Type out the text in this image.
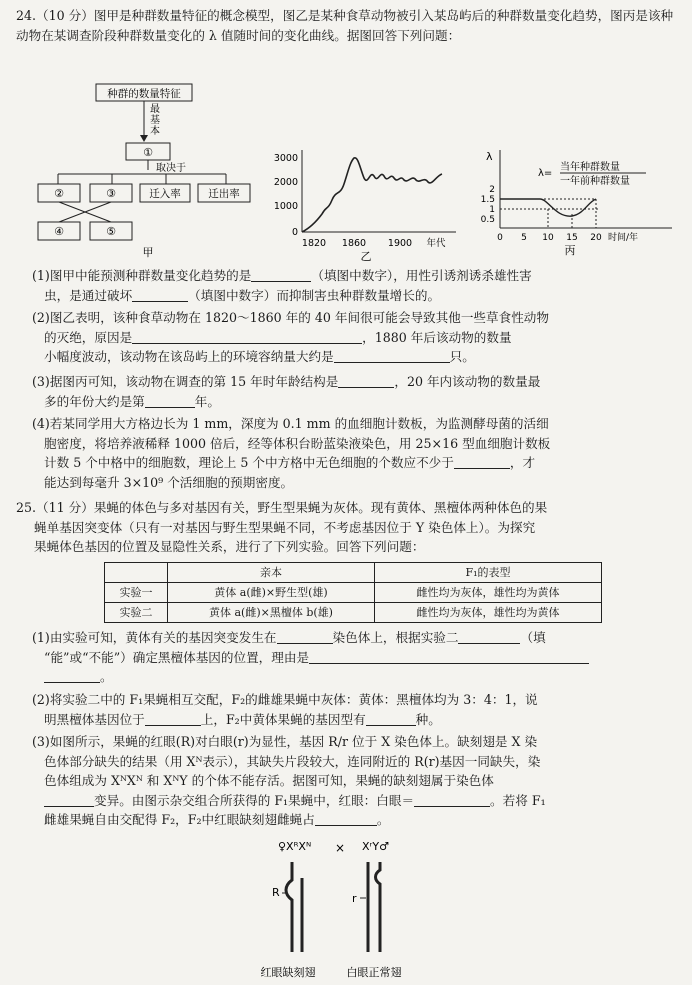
24.（10 分）图甲是种群数量特征的概念模型，图乙是某种食草动物被引入某岛屿后的种群数量变化趋势，图丙是该种动物在某调查阶段种群数量变化的 λ 值随时间的变化曲线。据图回答下列问题：
种群的数量特征
最
基
本
①
取决于
②	③	迁入率	迁出率
④	⑤
甲
3000
2000
1000
0
1820 1860 1900 年代
乙
λ
λ=
当年种群数量
一年前种群数量
2
1.5
1
0.5
0 5 10 15 20 时间/年
丙
(1)图甲中能预测种群数量变化趋势的是	（填图中数字），用性引诱剂诱杀雄性害
虫，是通过破坏	（填图中数字）而抑制害虫种群数量增长的。
(2)图乙表明，该种食草动物在 1820～1860 年的 40 年间很可能会导致其他一些草食性动物
的灭绝，原因是	，1880 年后该动物的数量
小幅度波动，该动物在该岛屿上的环境容纳量大约是	只。
(3)据图丙可知，该动物在调查的第 15 年时年龄结构是	，20 年内该动物的数量最
多的年份大约是第	年。
(4)若某同学用大方格边长为 1 mm，深度为 0.1 mm 的血细胞计数板，为监测酵母菌的活细
胞密度，将培养液稀释 1000 倍后，经等体积台盼蓝染液染色，用 25×16 型血细胞计数板
计数 5 个中格中的细胞数，理论上 5 个中方格中无色细胞的个数应不少于	，才
能达到每毫升 3×10⁹ 个活细胞的预期密度。
25.（11 分）果蝇的体色与多对基因有关，野生型果蝇为灰体。现有黄体、黑檀体两种体色的果
蝇单基因突变体（只有一对基因与野生型果蝇不同，不考虑基因位于 Y 染色体上）。为探究
果蝇体色基因的位置及显隐性关系，进行了下列实验。回答下列问题：
	亲本	F₁的表型
实验一	黄体 a(雌)×野生型(雄)	雌性均为灰体，雄性均为黄体
实验二	黄体 a(雌)×黑檀体 b(雄)	雌性均为灰体，雄性均为黄体
(1)由实验可知，黄体有关的基因突变发生在	染色体上，根据实验二	（填
“能”或“不能”）确定黑檀体基因的位置，理由是
。
(2)将实验二中的 F₁果蝇相互交配，F₂的雌雄果蝇中灰体：黄体：黑檀体均为 3：4：1，说
明黑檀体基因位于	上，F₂中黄体果蝇的基因型有	种。
(3)如图所示，果蝇的红眼(R)对白眼(r)为显性，基因 R/r 位于 X 染色体上。缺刻翅是 X 染
色体部分缺失的结果（用 Xᴺ表示），其缺失片段较大，连同附近的 R(r)基因一同缺失，染
色体组成为 XᴺXᴺ 和 XᴺY 的个体不能存活。据图可知，果蝇的缺刻翅属于染色体
变异。由图示杂交组合所获得的 F₁果蝇中，红眼：白眼＝	。若将 F₁
雌雄果蝇自由交配得 F₂，F₂中红眼缺刻翅雌蝇占	。
♀XᴿXᴺ × XʳY♂
R	r
红眼缺刻翅	白眼正常翅
